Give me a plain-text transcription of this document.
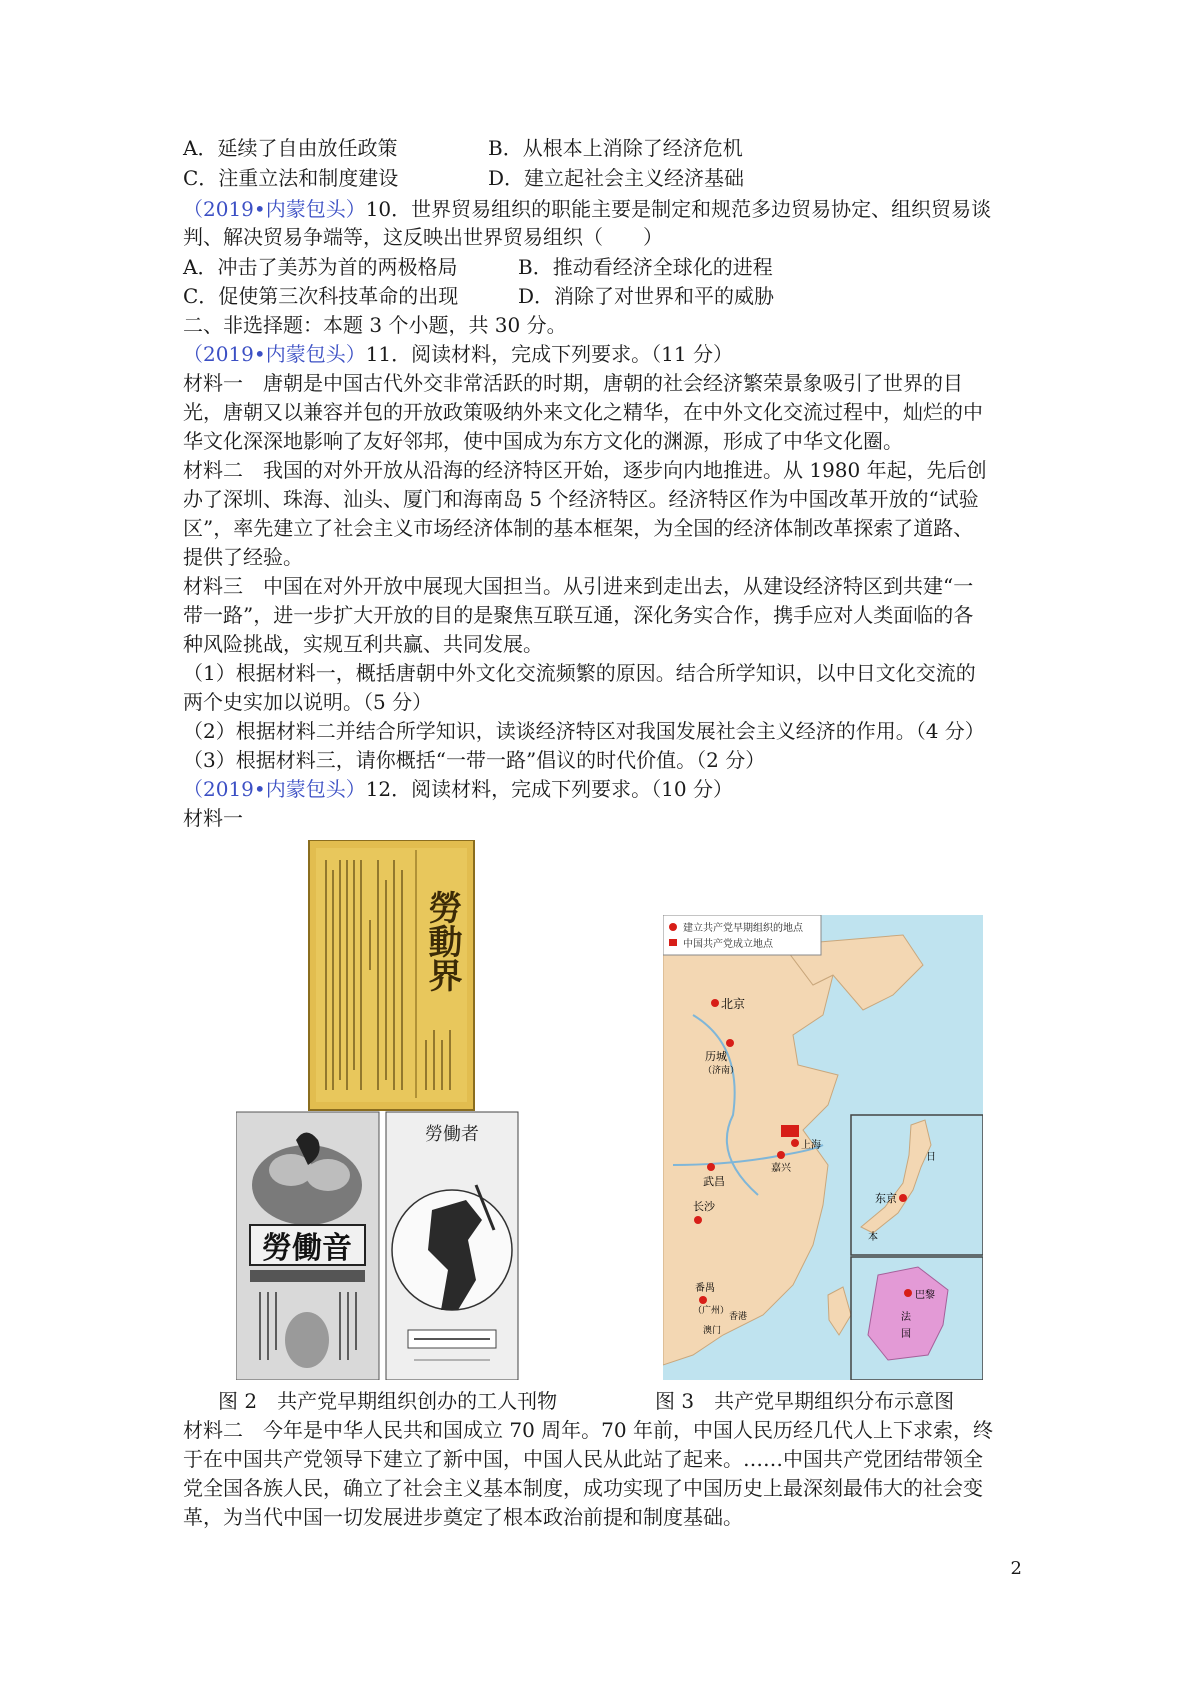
A．延续了自由放任政策	B．从根本上消除了经济危机
C．注重立法和制度建设	D．建立起社会主义经济基础
（2019•内蒙包头）10．世界贸易组织的职能主要是制定和规范多边贸易协定、组织贸易谈
判、解决贸易争端等，这反映出世界贸易组织（　　）
A．冲击了美苏为首的两极格局	B．推动看经济全球化的进程
C．促使第三次科技革命的出现	D．消除了对世界和平的威胁
二、非选择题：本题 3 个小题，共 30 分。
（2019•内蒙包头）11．阅读材料，完成下列要求。（11 分）
材料一　唐朝是中国古代外交非常活跃的时期，唐朝的社会经济繁荣景象吸引了世界的目
光，唐朝又以兼容并包的开放政策吸纳外来文化之精华，在中外文化交流过程中，灿烂的中
华文化深深地影响了友好邻邦，使中国成为东方文化的渊源，形成了中华文化圈。
材料二　我国的对外开放从沿海的经济特区开始，逐步向内地推进。从 1980 年起，先后创
办了深圳、珠海、汕头、厦门和海南岛 5 个经济特区。经济特区作为中国改革开放的“试验
区”，率先建立了社会主义市场经济体制的基本框架，为全国的经济体制改革探索了道路、
提供了经验。
材料三　中国在对外开放中展现大国担当。从引进来到走出去，从建设经济特区到共建“一
带一路”，进一步扩大开放的目的是聚焦互联互通，深化务实合作，携手应对人类面临的各
种风险挑战，实规互利共赢、共同发展。
（1）根据材料一，概括唐朝中外文化交流频繁的原因。结合所学知识，以中日文化交流的
两个史实加以说明。（5 分）
（2）根据材料二并结合所学知识，读谈经济特区对我国发展社会主义经济的作用。（4 分）
（3）根据材料三，请你概括“一带一路”倡议的时代价值。（2 分）
（2019•内蒙包头）12．阅读材料，完成下列要求。（10 分）
材料一
勞動界
勞働音
勞働者
建立共产党早期组织的地点
中国共产党成立地点
北京
历城
（济南）
武昌
上海
嘉兴
长沙
番禺
（广州）
澳门
香港
日
本
东京
巴黎
法
国
图 2　共产党早期组织创办的工人刊物	图 3　共产党早期组织分布示意图
材料二　今年是中华人民共和国成立 70 周年。70 年前，中国人民历经几代人上下求索，终
于在中国共产党领导下建立了新中国，中国人民从此站了起来。……中国共产党团结带领全
党全国各族人民，确立了社会主义基本制度，成功实现了中国历史上最深刻最伟大的社会变
革，为当代中国一切发展进步奠定了根本政治前提和制度基础。
2
